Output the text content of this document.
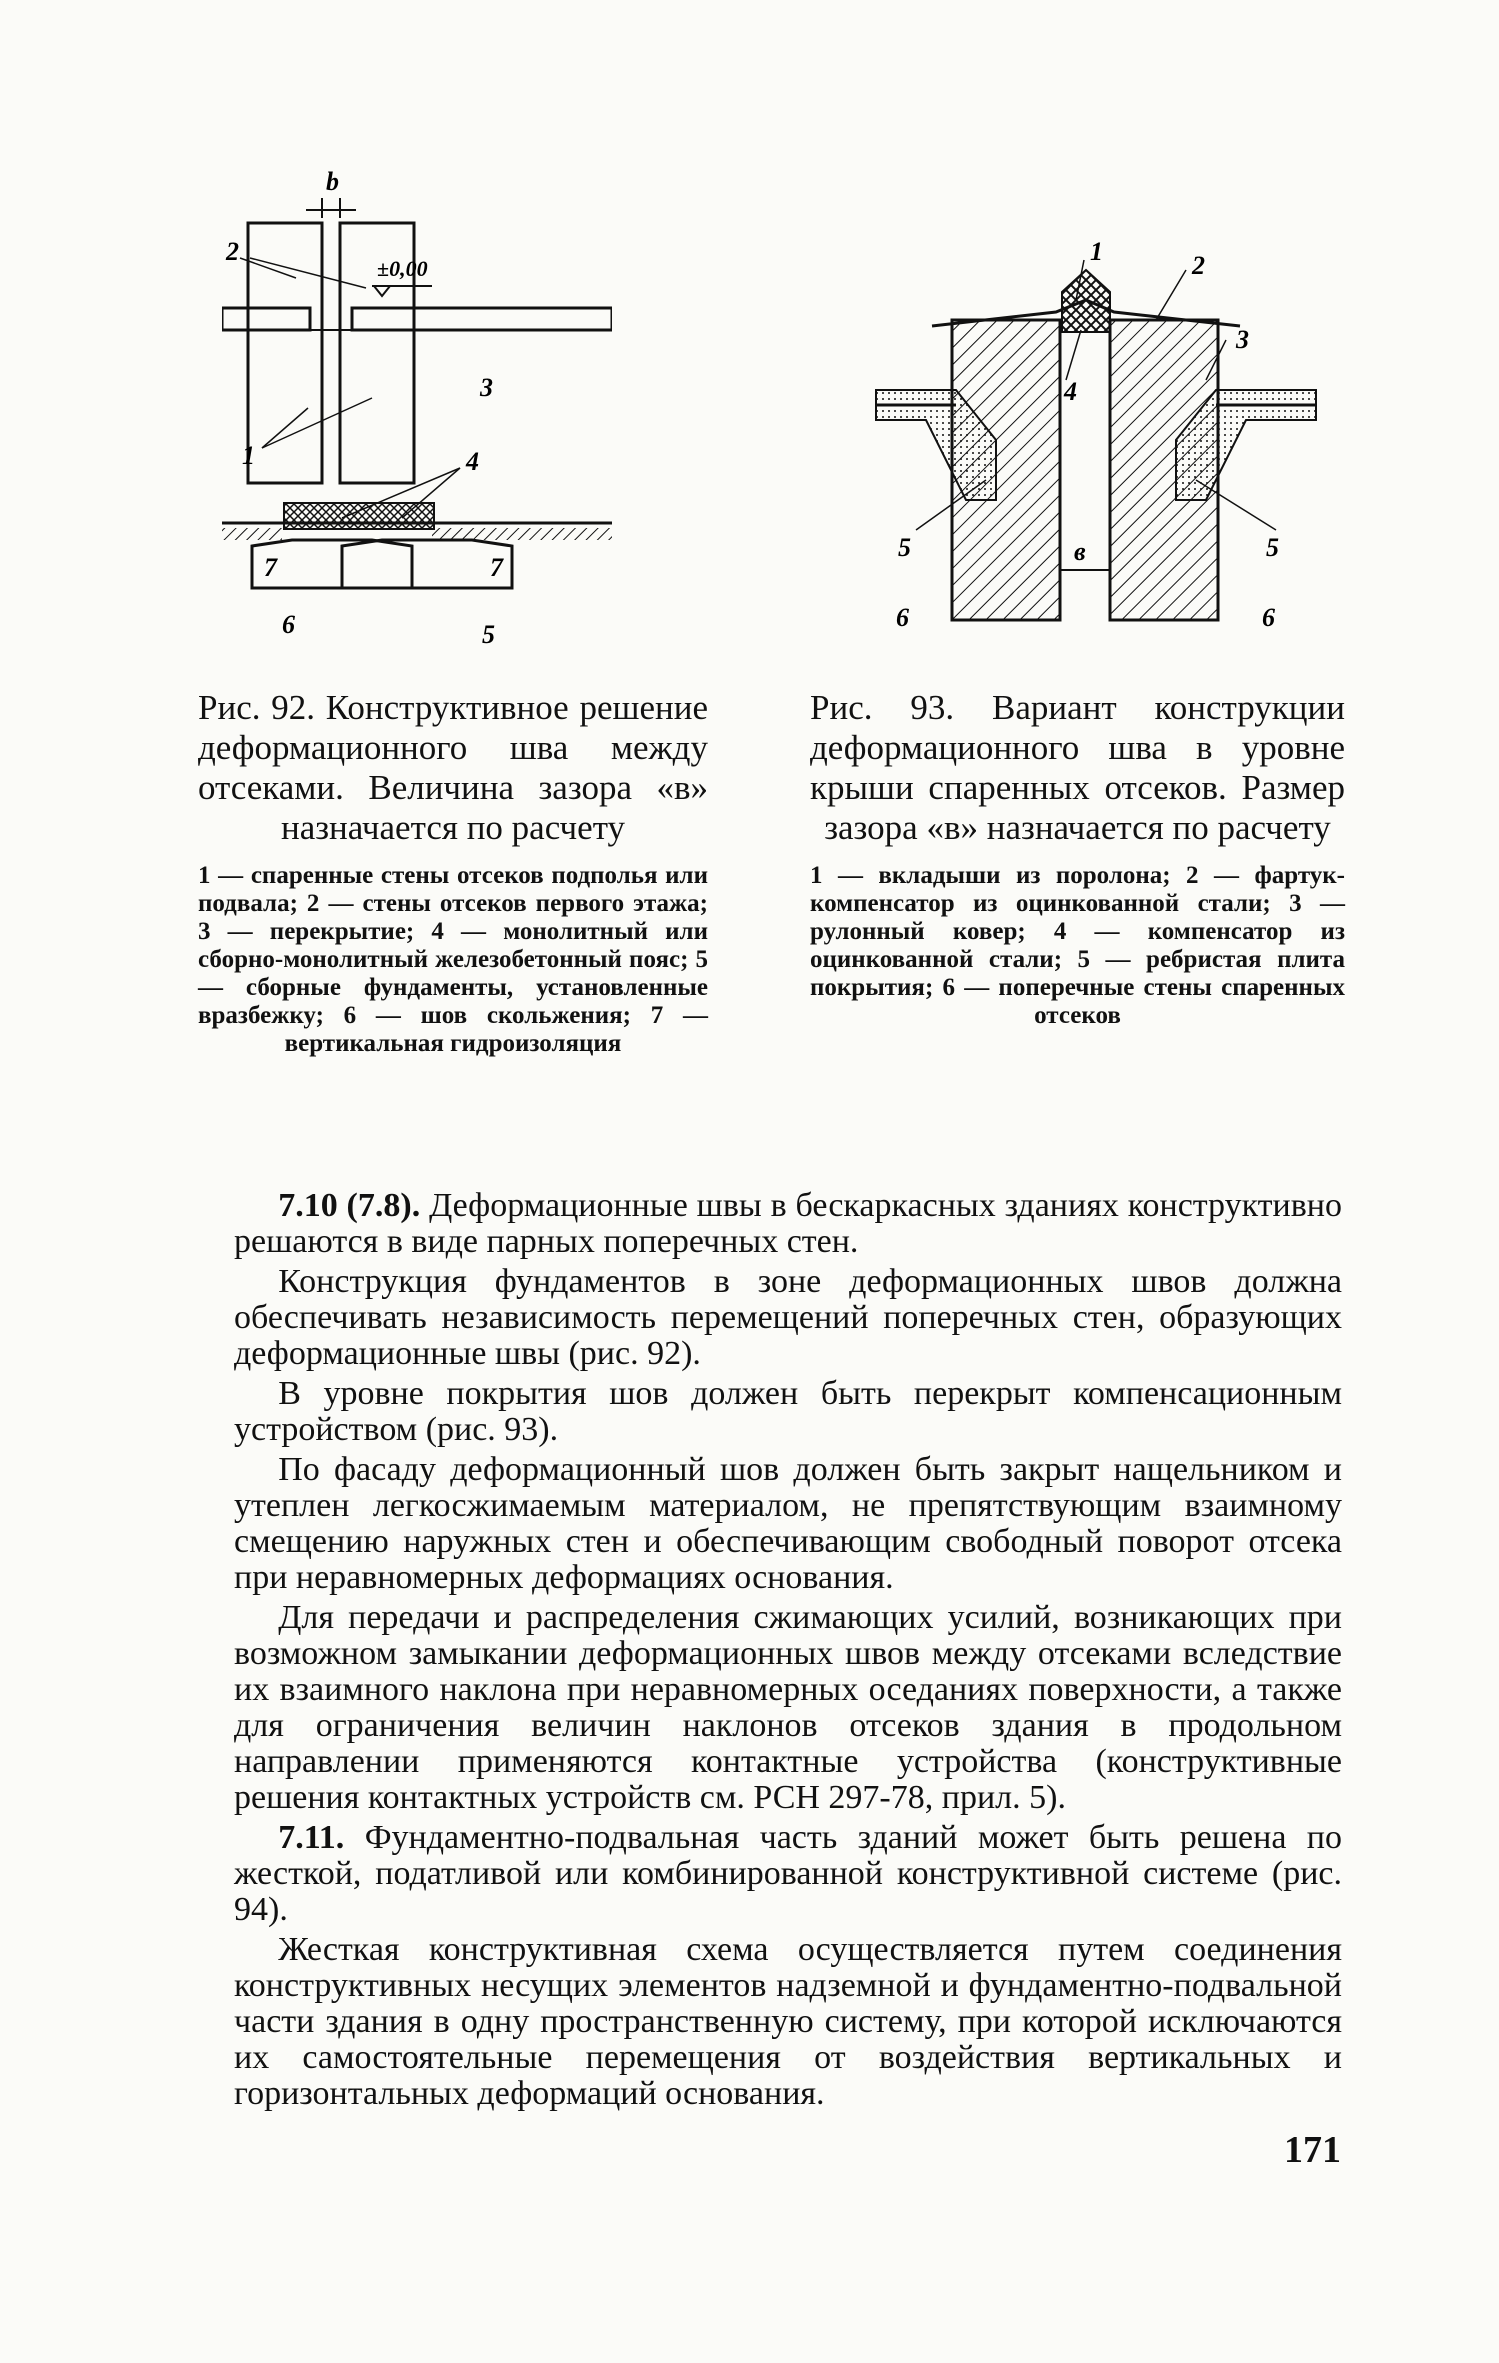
b
±0,00
2
3
1	4
7	7
6	5
в
1	2
3
4
5	5
6	6

Рис. 92. Конструктивное решение деформационного шва между отсеками. Величина зазора «в» назначается по расчету

1 — спаренные стены отсеков подполья или подвала; 2 — стены отсеков первого этажа; 3 — перекрытие; 4 — монолитный или сборно-монолитный железобетонный пояс; 5 — сборные фундаменты, установленные вразбежку; 6 — шов скольжения; 7 — вертикальная гидроизоляция

Рис. 93. Вариант конструкции деформационного шва в уровне крыши спаренных отсеков. Размер зазора «в» назначается по расчету

1 — вкладыши из поролона; 2 — фартук-компенсатор из оцинкованной стали; 3 — рулонный ковер; 4 — компенсатор из оцинкованной стали; 5 — ребристая плита покрытия; 6 — поперечные стены спаренных отсеков

7.10 (7.8). Деформационные швы в бескаркасных зданиях конструктивно решаются в виде парных поперечных стен.

Конструкция фундаментов в зоне деформационных швов должна обеспечивать независимость перемещений поперечных стен, образующих деформационные швы (рис. 92).

В уровне покрытия шов должен быть перекрыт компенсационным устройством (рис. 93).

По фасаду деформационный шов должен быть закрыт нащельником и утеплен легкосжимаемым материалом, не препятствующим взаимному смещению наружных стен и обеспечивающим свободный поворот отсека при неравномерных деформациях основания.

Для передачи и распределения сжимающих усилий, возникающих при возможном замыкании деформационных швов между отсеками вследствие их взаимного наклона при неравномерных оседаниях поверхности, а также для ограничения величин наклонов отсеков здания в продольном направлении применяются контактные устройства (конструктивные решения контактных устройств см. РСН 297-78, прил. 5).

7.11. Фундаментно-подвальная часть зданий может быть решена по жесткой, податливой или комбинированной конструктивной системе (рис. 94).

Жесткая конструктивная схема осуществляется путем соединения конструктивных несущих элементов надземной и фундаментно-подвальной части здания в одну пространственную систему, при которой исключаются их самостоятельные перемещения от воздействия вертикальных и горизонтальных деформаций основания.

171
